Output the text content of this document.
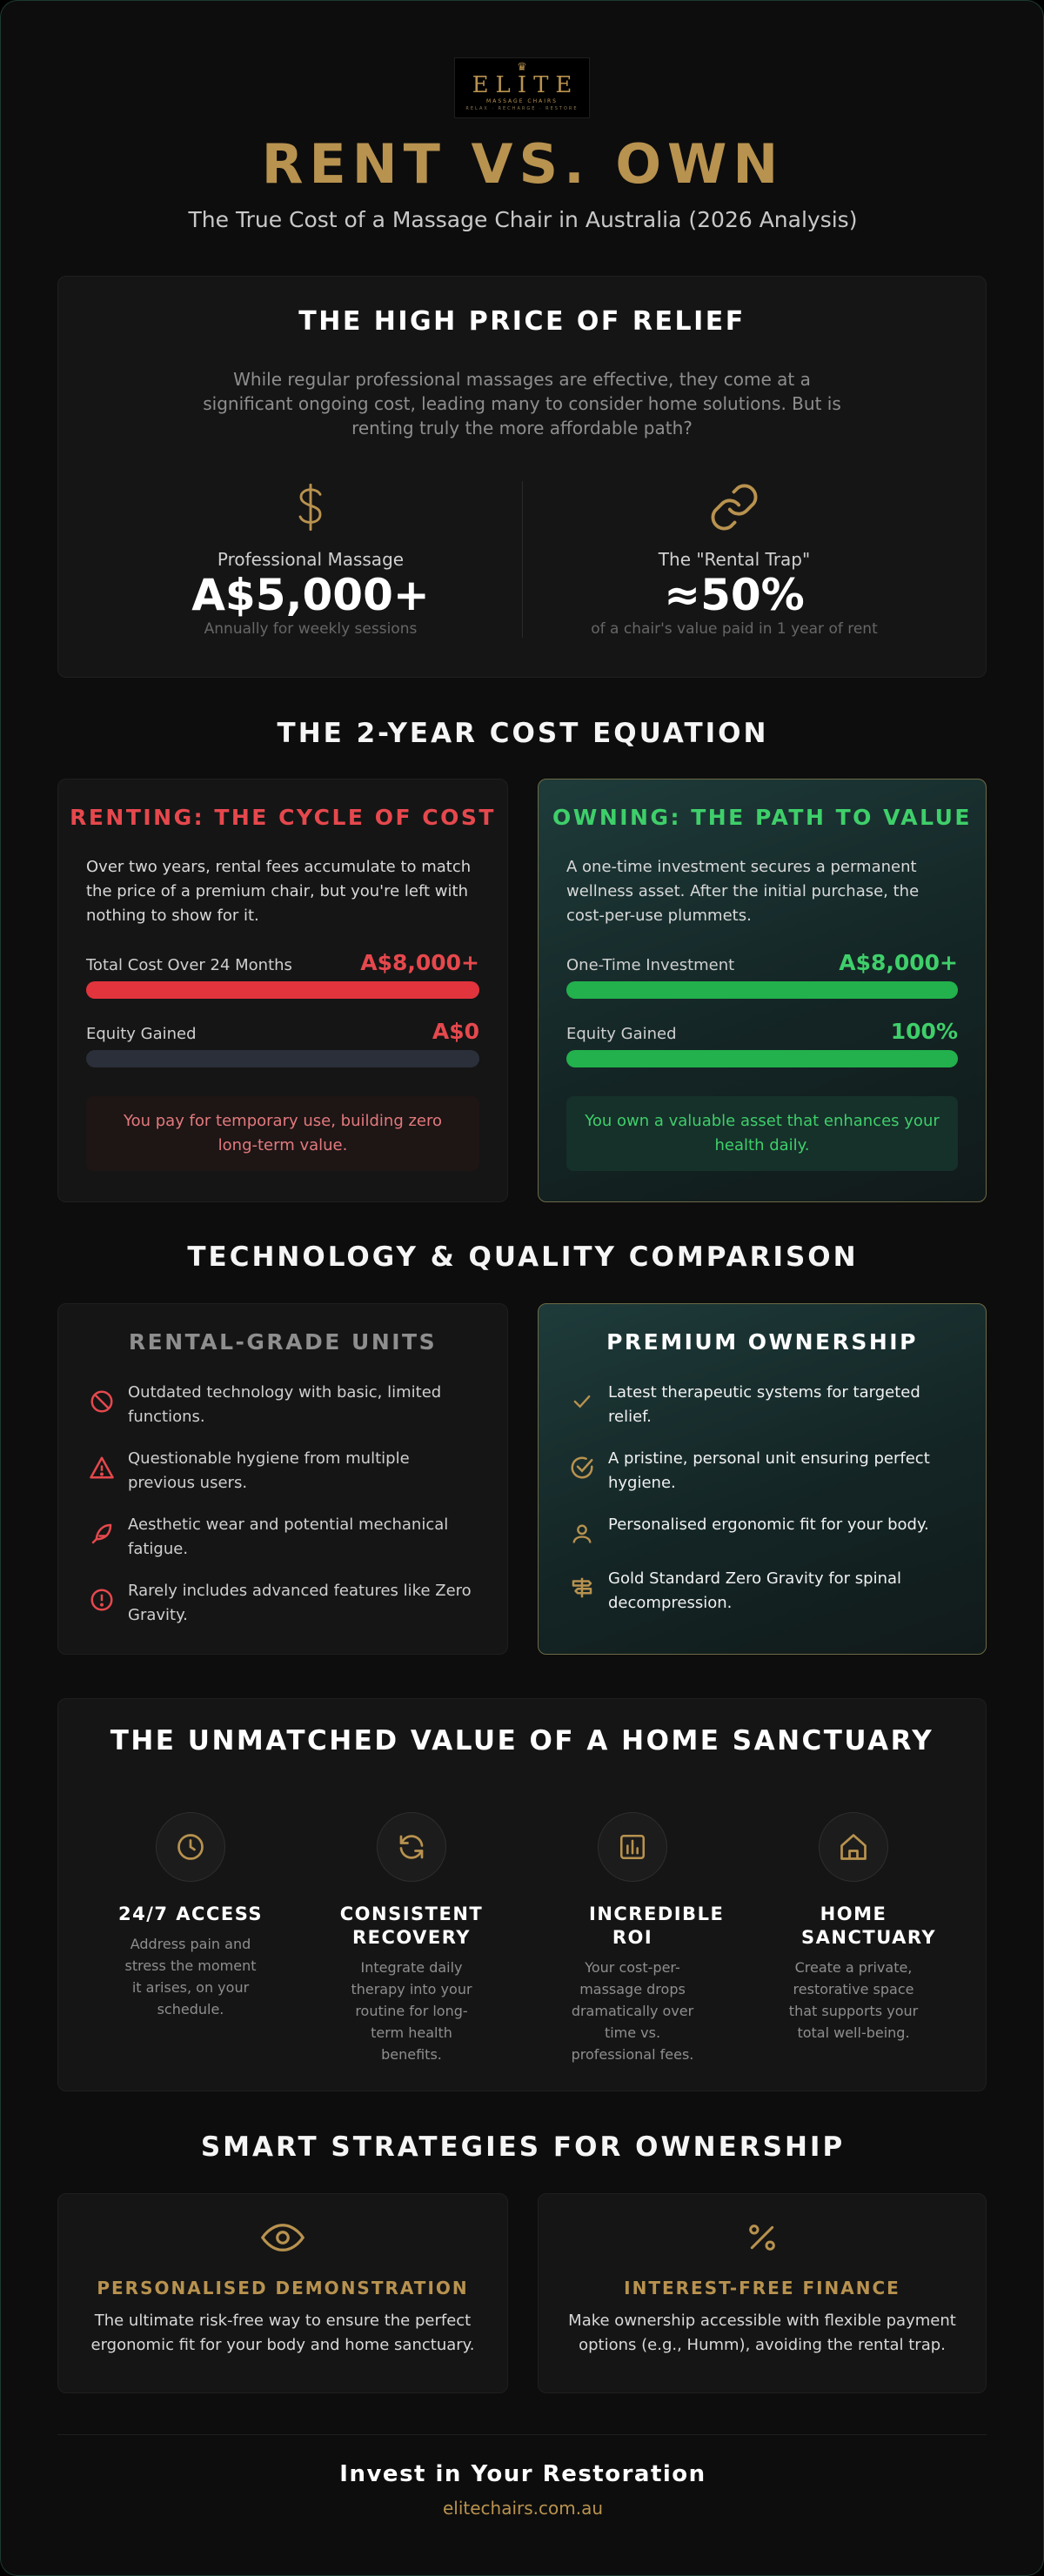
♛
ELITE
MASSAGE CHAIRS
RELAX · RECHARGE · RESTORE
RENT VS. OWN
The True Cost of a Massage Chair in Australia (2026 Analysis)
THE HIGH PRICE OF RELIEF
While regular professional massages are effective, they come at a significant ongoing cost, leading many to consider home solutions. But is renting truly the more affordable path?
Professional Massage
A$5,000+
Annually for weekly sessions
The "Rental Trap"
≈50%
of a chair's value paid in 1 year of rent
THE 2-YEAR COST EQUATION
RENTING: THE CYCLE OF COST
Over two years, rental fees accumulate to match the price of a premium chair, but you're left with nothing to show for it.
Total Cost Over 24 Months	A$8,000+
Equity Gained	A$0
You pay for temporary use, building zero long-term value.
OWNING: THE PATH TO VALUE
A one-time investment secures a permanent wellness asset. After the initial purchase, the cost-per-use plummets.
One-Time Investment	A$8,000+
Equity Gained	100%
You own a valuable asset that enhances your health daily.
TECHNOLOGY & QUALITY COMPARISON
RENTAL-GRADE UNITS
Outdated technology with basic, limited functions.
Questionable hygiene from multiple previous users.
Aesthetic wear and potential mechanical fatigue.
Rarely includes advanced features like Zero Gravity.
PREMIUM OWNERSHIP
Latest therapeutic systems for targeted relief.
A pristine, personal unit ensuring perfect hygiene.
Personalised ergonomic fit for your body.
Gold Standard Zero Gravity for spinal decompression.
THE UNMATCHED VALUE OF A HOME SANCTUARY
24/7 ACCESS
Address pain and stress the moment it arises, on your schedule.
CONSISTENT RECOVERY
Integrate daily therapy into your routine for long-term health benefits.
INCREDIBLE ROI
Your cost-per-massage drops dramatically over time vs. professional fees.
HOME SANCTUARY
Create a private, restorative space that supports your total well-being.
SMART STRATEGIES FOR OWNERSHIP
PERSONALISED DEMONSTRATION
The ultimate risk-free way to ensure the perfect ergonomic fit for your body and home sanctuary.
INTEREST-FREE FINANCE
Make ownership accessible with flexible payment options (e.g., Humm), avoiding the rental trap.
Invest in Your Restoration
elitechairs.com.au
